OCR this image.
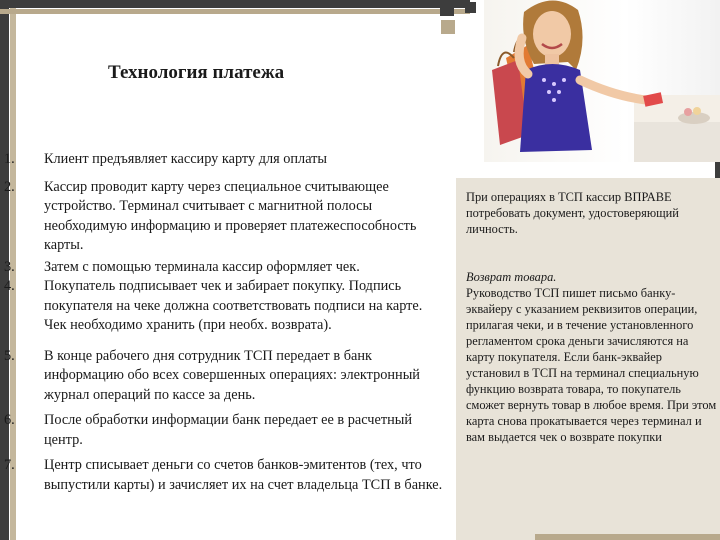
Технология платежа
1.	Клиент предъявляет кассиру карту для оплаты
2.	Кассир проводит карту через специальное считывающее устройство. Терминал считывает с магнитной полосы необходимую информацию и проверяет платежеспособность карты.
3.	Затем с помощью терминала кассир оформляет чек.
4.	Покупатель подписывает чек и забирает покупку. Подпись покупателя на чеке должна соответствовать подписи на карте. Чек необходимо хранить (при необх. возврата).
5.	В конце рабочего дня сотрудник ТСП передает в банк информацию обо всех совершенных операциях: электронный журнал операций по кассе за день.
6.	После обработки информации банк передает ее в расчетный центр.
7.	Центр списывает деньги со счетов банков-эмитентов (тех, что выпустили карты) и зачисляет их на счет владельца ТСП в банке.
При операциях в ТСП кассир ВПРАВЕ потребовать документ, удостоверяющий личность.
Возврат товара.
Руководство ТСП пишет письмо банку-эквайеру с указанием реквизитов операции, прилагая чеки, и в течение установленного регламентом срока деньги зачисляются на карту покупателя. Если банк-эквайер установил в ТСП на терминал специальную функцию возврата товара, то покупатель сможет вернуть товар в любое время. При этом карта снова прокатывается через терминал и вам выдается чек о возврате покупки
